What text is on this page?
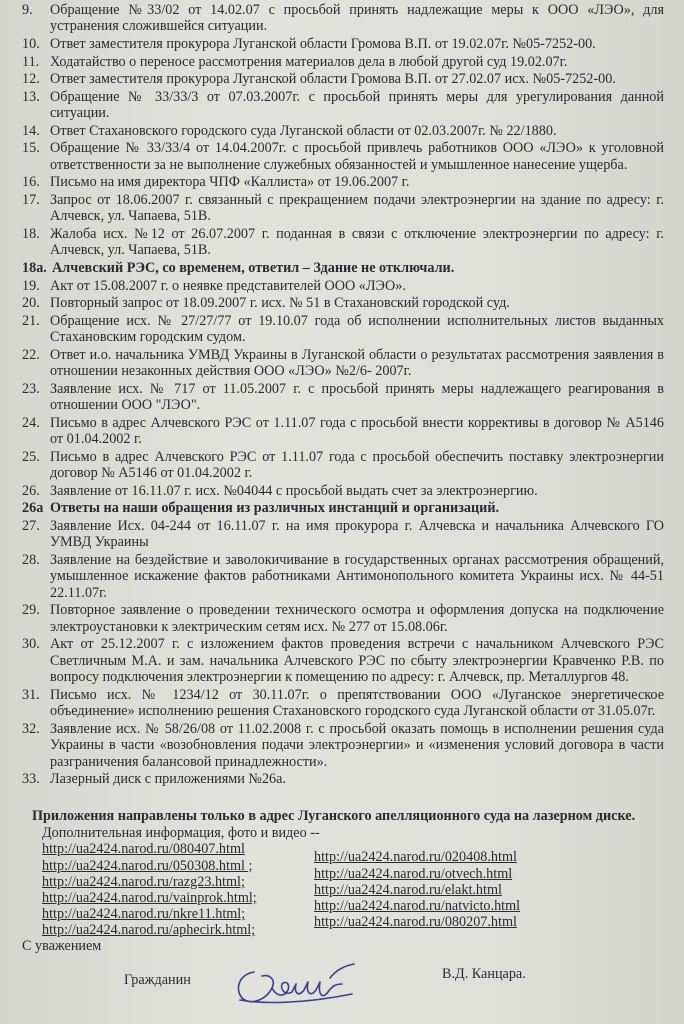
9.	Обращение №33/02 от 14.02.07 с просьбой принять надлежащие меры к ООО «ЛЭО», для устранения сложившейся ситуации.
10. Ответ заместителя прокурора Луганской области Громова В.П. от 19.02.07г. №05-7252-00.
11. Ходатайство о переносе рассмотрения материалов дела в любой другой суд 19.02.07г.
12. Ответ заместителя прокурора Луганской области Громова В.П. от 27.02.07 исх. №05-7252-00.
13. Обращение № 33/33/3 от 07.03.2007г. с просьбой принять меры для урегулирования данной ситуации.
14. Ответ Стахановского городского суда Луганской области от 02.03.2007г. № 22/1880.
15. Обращение № 33/33/4 от 14.04.2007г. с просьбой привлечь работников ООО «ЛЭО» к уголовной ответственности за не выполнение служебных обязанностей и умышленное нанесение ущерба.
16. Письмо на имя директора ЧПФ «Каллиста» от 19.06.2007 г.
17. Запрос от 18.06.2007 г. связанный с прекращением подачи электроэнергии на здание по адресу: г. Алчевск, ул. Чапаева, 51В.
18. Жалоба исх. №12 от 26.07.2007 г. поданная в связи с отключение электроэнергии по адресу: г. Алчевск, ул. Чапаева, 51В.
18а. Алчевский РЭС, со временем, ответил – Здание не отключали.
19. Акт от 15.08.2007 г. о неявке представителей ООО «ЛЭО».
20. Повторный запрос от 18.09.2007 г. исх. № 51 в Стахановский городской суд.
21. Обращение исх. № 27/27/77 от 19.10.07 года об исполнении исполнительных листов выданных Стахановским городским судом.
22. Ответ и.о. начальника УМВД Украины в Луганской области о результатах рассмотрения заявления в отношении незаконных действия ООО «ЛЭО» №2/6- 2007г.
23. Заявление исх. № 717 от 11.05.2007 г. с просьбой принять меры надлежащего реагирования в отношении ООО "ЛЭО".
24. Письмо в адрес Алчевского РЭС от 1.11.07 года с просьбой внести коррективы в договор № А5146 от 01.04.2002 г.
25. Письмо в адрес Алчевского РЭС от 1.11.07 года с просьбой обеспечить поставку электроэнергии договор № А5146 от 01.04.2002 г.
26. Заявление от 16.11.07 г. исх. №04044 с просьбой выдать счет за электроэнергию.
26а Ответы на наши обращения из различных инстанций и организаций.
27. Заявление Исх. 04-244 от 16.11.07 г. на имя прокурора г. Алчевска и начальника Алчевского ГО УМВД Украины
28. Заявление на бездействие и заволокичивание в государственных органах рассмотрения обращений, умышленное искажение фактов работниками Антимонопольного комитета Украины исх. № 44-51 22.11.07г.
29. Повторное заявление о проведении технического осмотра и оформления допуска на подключение электроустановки к электрическим сетям исх. № 277 от 15.08.06г.
30. Акт от 25.12.2007 г. с изложением фактов проведения встречи с начальником Алчевского РЭС Светличным М.А. и зам. начальника Алчевского РЭС по сбыту электроэнергии Кравченко Р.В. по вопросу подключения электроэнергии к помещению по адресу: г. Алчевск, пр. Металлургов 48.
31. Письмо исх. № 1234/12 от 30.11.07г. о препятствовании ООО «Луганское энергетическое объединение» исполнению решения Стахановского городского суда Луганской области от 31.05.07г.
32. Заявление исх. № 58/26/08 от 11.02.2008 г. с просьбой оказать помощь в исполнении решения суда Украины в части «возобновления подачи электроэнергии» и «изменения условий договора в части разграничения балансовой принадлежности».
33. Лазерный диск с приложениями №26а.
Приложения направлены только в адрес Луганского апелляционного суда на лазерном диске.
Дополнительная информация, фото и видео --
http://ua2424.narod.ru/080407.html
http://ua2424.narod.ru/050308.html ;
http://ua2424.narod.ru/razg23.html;
http://ua2424.narod.ru/vainprok.html;
http://ua2424.narod.ru/nkre11.html;
http://ua2424.narod.ru/aphecirk.html;
http://ua2424.narod.ru/020408.html
http://ua2424.narod.ru/otvech.html
http://ua2424.narod.ru/elakt.html
http://ua2424.narod.ru/natvicto.html
http://ua2424.narod.ru/080207.html
С уважением
Гражданин	В.Д. Канцара.
